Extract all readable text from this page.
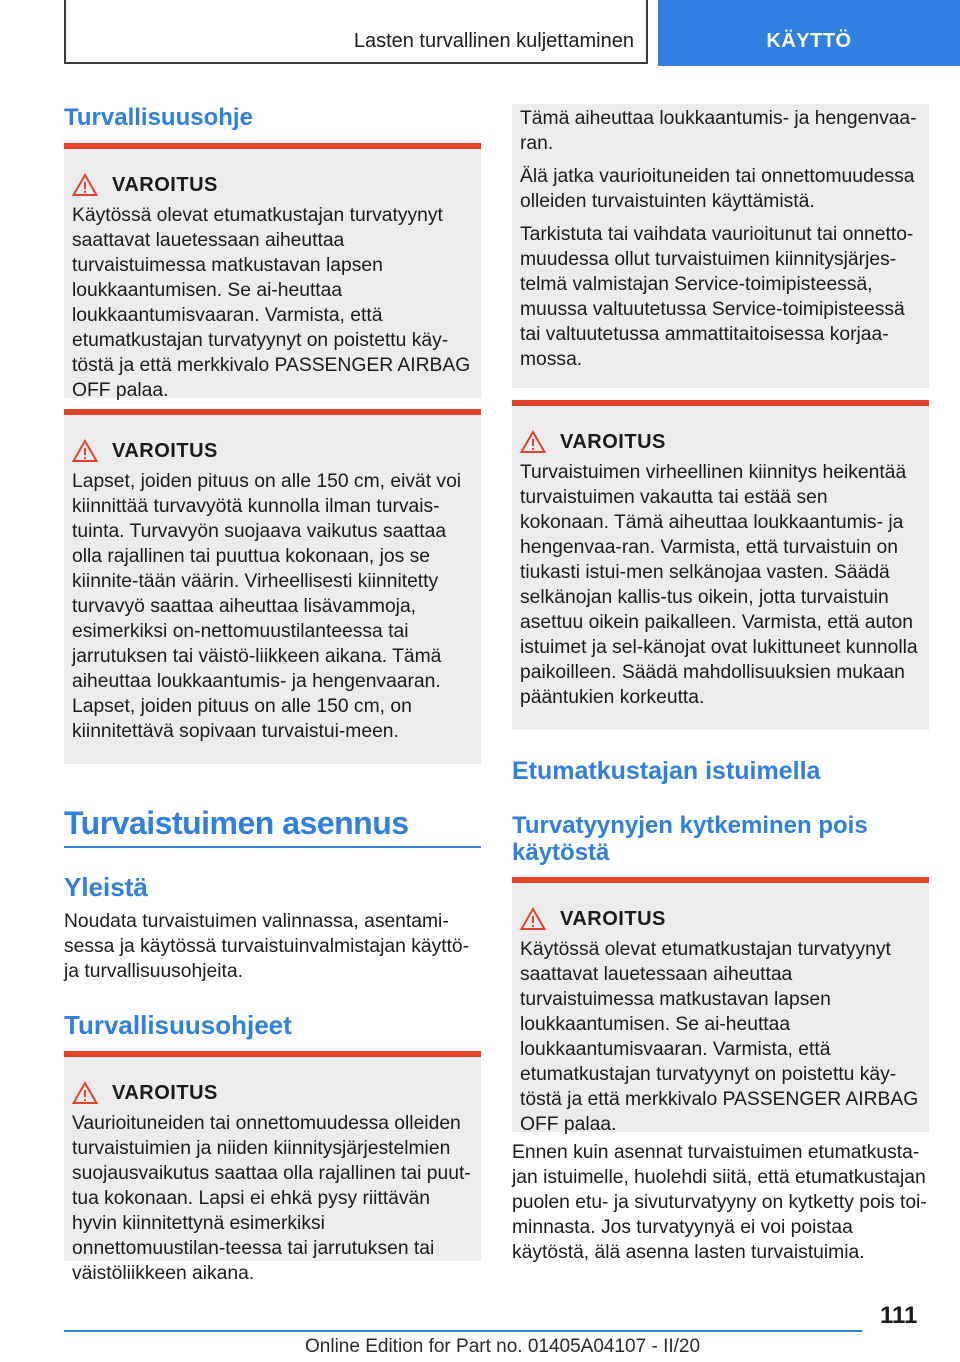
Lasten turvallinen kuljettaminen	KÄYTTÖ
Turvallisuusohje
VAROITUS

Käytössä olevat etumatkustajan turvatyynyt saattavat lauetessaan aiheuttaa turvaistuimessa matkustavan lapsen loukkaantumisen. Se ai-heuttaa loukkaantumisvaaran. Varmista, että etumatkustajan turvatyynyt on poistettu käy-töstä ja että merkkivalo PASSENGER AIRBAG OFF palaa.

VAROITUS

Lapset, joiden pituus on alle 150 cm, eivät voi kiinnittää turvavyötä kunnolla ilman turvais-tuinta. Turvavyön suojaava vaikutus saattaa olla rajallinen tai puuttua kokonaan, jos se kiinnite-tään väärin. Virheellisesti kiinnitetty turvavyö saattaa aiheuttaa lisävammoja, esimerkiksi on-nettomuustilanteessa tai jarrutuksen tai väistö-liikkeen aikana. Tämä aiheuttaa loukkaantumis- ja hengenvaaran. Lapset, joiden pituus on alle 150 cm, on kiinnitettävä sopivaan turvaistui-meen.

Turvaistuimen asennus
Yleistä

Noudata turvaistuimen valinnassa, asentami-sessa ja käytössä turvaistuinvalmistajan käyttö- ja turvallisuusohjeita.

Turvallisuusohjeet
VAROITUS

Vaurioituneiden tai onnettomuudessa olleiden turvaistuimien ja niiden kiinnitysjärjestelmien suojausvaikutus saattaa olla rajallinen tai puut-tua kokonaan. Lapsi ei ehkä pysy riittävän hyvin kiinnitettynä esimerkiksi onnettomuustilan-teessa tai jarrutuksen tai väistöliikkeen aikana.

Tämä aiheuttaa loukkaantumis- ja hengenvaa-ran.

Älä jatka vaurioituneiden tai onnettomuudessa olleiden turvaistuinten käyttämistä.

Tarkistuta tai vaihdata vaurioitunut tai onnetto-muudessa ollut turvaistuimen kiinnitysjärjes-telmä valmistajan Service-toimipisteessä, muussa valtuutetussa Service-toimipisteessä tai valtuutetussa ammattitaitoisessa korjaa-mossa.

VAROITUS

Turvaistuimen virheellinen kiinnitys heikentää turvaistuimen vakautta tai estää sen kokonaan. Tämä aiheuttaa loukkaantumis- ja hengenvaa-ran. Varmista, että turvaistuin on tiukasti istui-men selkänojaa vasten. Säädä selkänojan kallis-tus oikein, jotta turvaistuin asettuu oikein paikalleen. Varmista, että auton istuimet ja sel-känojat ovat lukittuneet kunnolla paikoilleen. Säädä mahdollisuuksien mukaan pääntukien korkeutta.

Etumatkustajan istuimella
Turvatyynyjen kytkeminen pois käytöstä
VAROITUS

Käytössä olevat etumatkustajan turvatyynyt saattavat lauetessaan aiheuttaa turvaistuimessa matkustavan lapsen loukkaantumisen. Se ai-heuttaa loukkaantumisvaaran. Varmista, että etumatkustajan turvatyynyt on poistettu käy-töstä ja että merkkivalo PASSENGER AIRBAG OFF palaa.

Ennen kuin asennat turvaistuimen etumatkusta-jan istuimelle, huolehdi siitä, että etumatkustajan puolen etu- ja sivuturvatyyny on kytketty pois toi-minnasta. Jos turvatyynyä ei voi poistaa käytöstä, älä asenna lasten turvaistuimia.

111
Online Edition for Part no. 01405A04107 - II/20
